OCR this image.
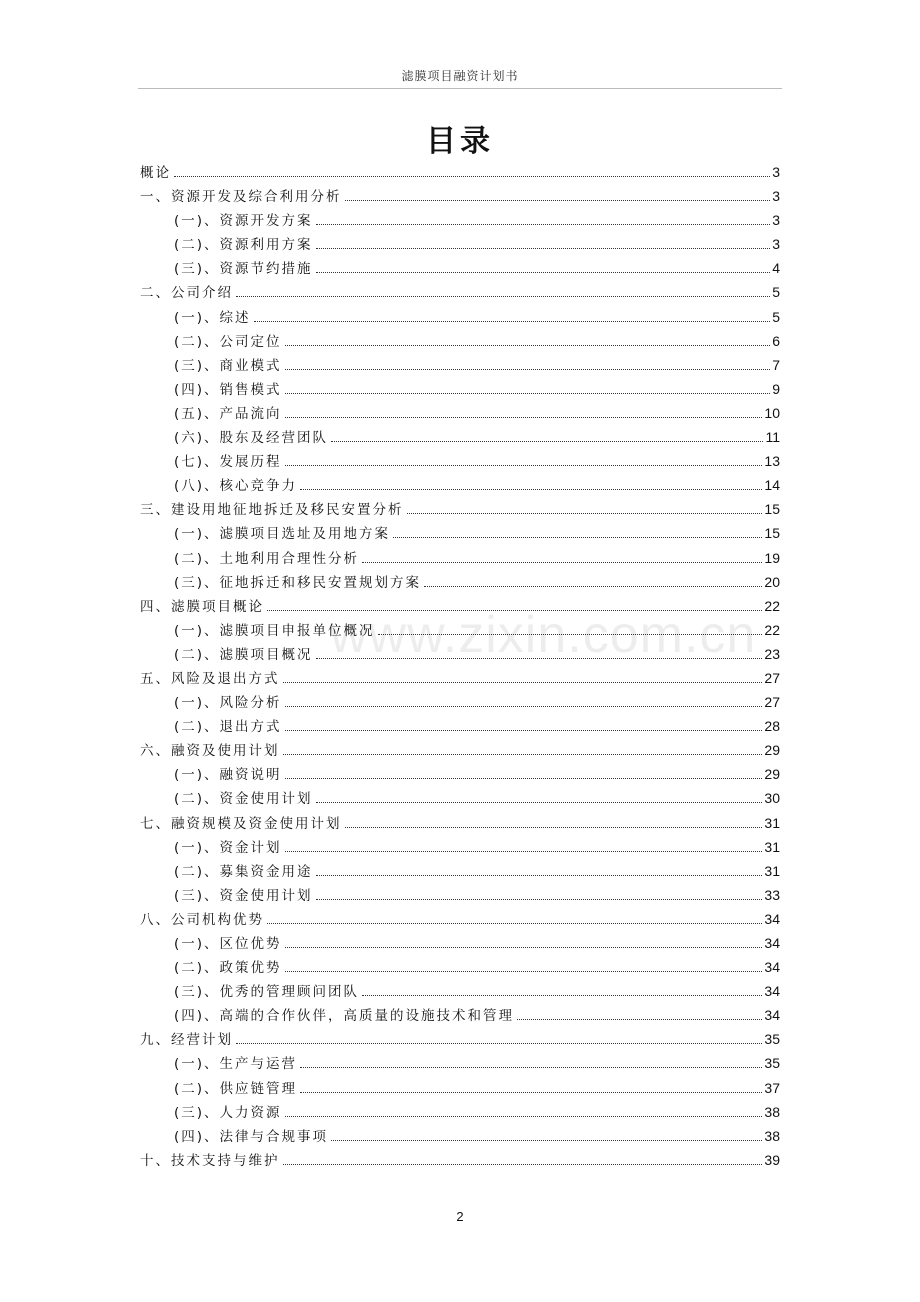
滤膜项目融资计划书
目录
概论	3
一、资源开发及综合利用分析	3
(一)、资源开发方案	3
(二)、资源利用方案	3
(三)、资源节约措施	4
二、公司介绍	5
(一)、综述	5
(二)、公司定位	6
(三)、商业模式	7
(四)、销售模式	9
(五)、产品流向	10
(六)、股东及经营团队	11
(七)、发展历程	13
(八)、核心竞争力	14
三、建设用地征地拆迁及移民安置分析	15
(一)、滤膜项目选址及用地方案	15
(二)、土地利用合理性分析	19
(三)、征地拆迁和移民安置规划方案	20
四、滤膜项目概论	22
(一)、滤膜项目申报单位概况	22
(二)、滤膜项目概况	23
五、风险及退出方式	27
(一)、风险分析	27
(二)、退出方式	28
六、融资及使用计划	29
(一)、融资说明	29
(二)、资金使用计划	30
七、融资规模及资金使用计划	31
(一)、资金计划	31
(二)、募集资金用途	31
(三)、资金使用计划	33
八、公司机构优势	34
(一)、区位优势	34
(二)、政策优势	34
(三)、优秀的管理顾问团队	34
(四)、高端的合作伙伴，高质量的设施技术和管理	34
九、经营计划	35
(一)、生产与运营	35
(二)、供应链管理	37
(三)、人力资源	38
(四)、法律与合规事项	38
十、技术支持与维护	39
www.zixin.com.cn
2
